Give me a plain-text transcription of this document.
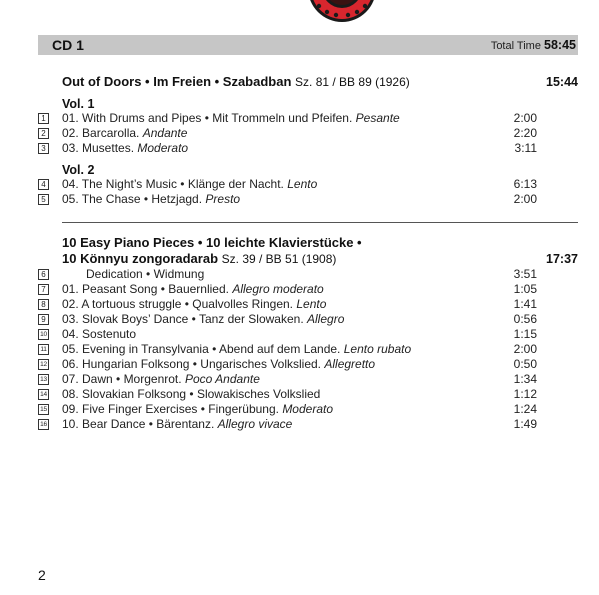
CD 1	Total Time 58:45
Out of Doors • Im Freien • Szabadban Sz. 81 / BB 89 (1926)	15:44
Vol. 1
1 01. With Drums and Pipes • Mit Trommeln und Pfeifen. Pesante	2:00
2 02. Barcarolla. Andante	2:20
3 03. Musettes. Moderato	3:11
Vol. 2
4 04. The Night’s Music • Klänge der Nacht. Lento	6:13
5 05. The Chase • Hetzjagd. Presto	2:00
10 Easy Piano Pieces • 10 leichte Klavierstücke •
10 Könnyu zongoradarab Sz. 39 / BB 51 (1908)	17:37
6	Dedication • Widmung	3:51
7 01. Peasant Song • Bauernlied. Allegro moderato	1:05
8 02. A tortuous struggle • Qualvolles Ringen. Lento	1:41
9 03. Slovak Boys’ Dance • Tanz der Slowaken. Allegro	0:56
10 04. Sostenuto	1:15
11 05. Evening in Transylvania • Abend auf dem Lande. Lento rubato	2:00
12 06. Hungarian Folksong • Ungarisches Volkslied. Allegretto	0:50
13 07. Dawn • Morgenrot. Poco Andante	1:34
14 08. Slovakian Folksong • Slowakisches Volkslied	1:12
15 09. Five Finger Exercises • Fingerübung. Moderato	1:24
16 10. Bear Dance • Bärentanz. Allegro vivace	1:49
2
